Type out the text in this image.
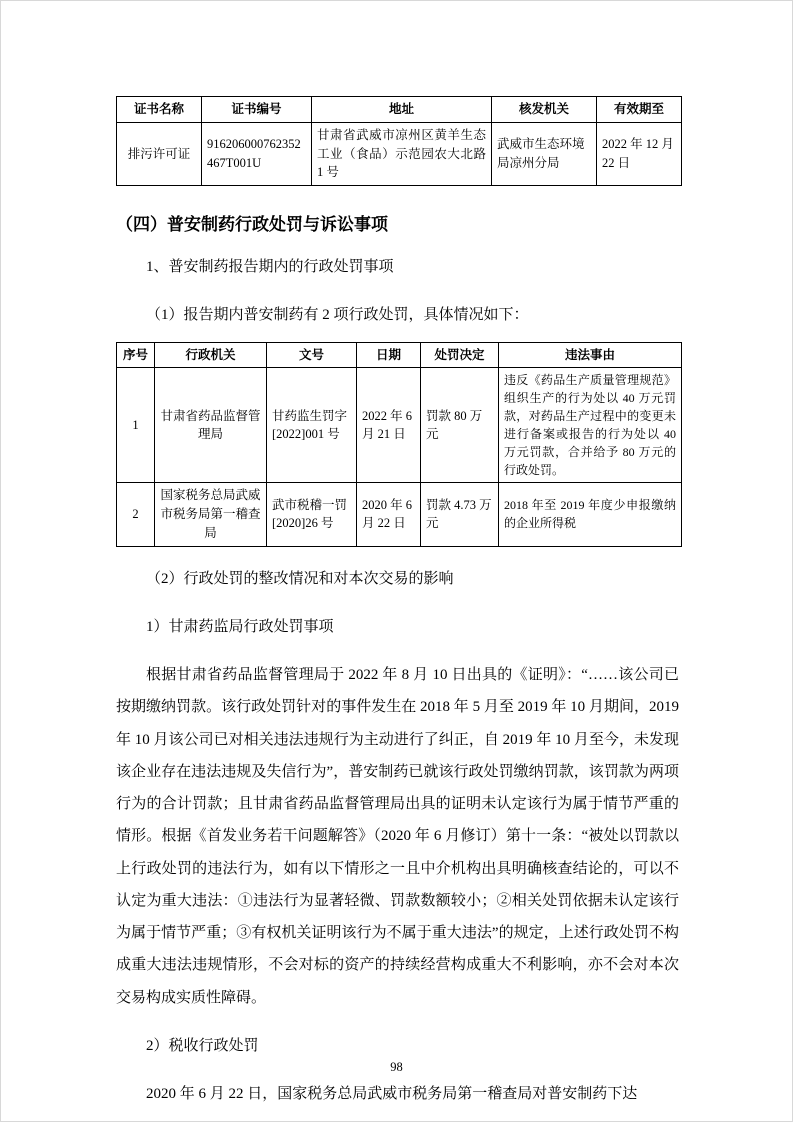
证书名称	证书编号	地址	核发机关	有效期至
排污许可证	916206000762352467T001U	甘肃省武威市凉州区黄羊生态工业（食品）示范园农大北路 1 号	武威市生态环境局凉州分局	2022 年 12 月 22 日
（四）普安制药行政处罚与诉讼事项

1、普安制药报告期内的行政处罚事项

（1）报告期内普安制药有 2 项行政处罚，具体情况如下：

序号	行政机关	文号	日期	处罚决定	违法事由
1	甘肃省药品监督管理局	甘药监生罚字[2022]001 号	2022 年 6 月 21 日	罚款 80 万元	违反《药品生产质量管理规范》组织生产的行为处以 40 万元罚款，对药品生产过程中的变更未进行备案或报告的行为处以 40 万元罚款，合并给予 80 万元的行政处罚。
2	国家税务总局武威市税务局第一稽查局	武市税稽一罚[2020]26 号	2020 年 6 月 22 日	罚款 4.73 万元	2018 年至 2019 年度少申报缴纳的企业所得税

（2）行政处罚的整改情况和对本次交易的影响

1）甘肃药监局行政处罚事项

根据甘肃省药品监督管理局于 2022 年 8 月 10 日出具的《证明》：“……该公司已按期缴纳罚款。该行政处罚针对的事件发生在 2018 年 5 月至 2019 年 10 月期间，2019 年 10 月该公司已对相关违法违规行为主动进行了纠正，自 2019 年 10 月至今，未发现该企业存在违法违规及失信行为”，普安制药已就该行政处罚缴纳罚款，该罚款为两项行为的合计罚款；且甘肃省药品监督管理局出具的证明未认定该行为属于情节严重的情形。根据《首发业务若干问题解答》（2020 年 6 月修订）第十一条：“被处以罚款以上行政处罚的违法行为，如有以下情形之一且中介机构出具明确核查结论的，可以不认定为重大违法：①违法行为显著轻微、罚款数额较小；②相关处罚依据未认定该行为属于情节严重；③有权机关证明该行为不属于重大违法”的规定，上述行政处罚不构成重大违法违规情形，不会对标的资产的持续经营构成重大不利影响，亦不会对本次交易构成实质性障碍。

2）税收行政处罚

2020 年 6 月 22 日，国家税务总局武威市税务局第一稽查局对普安制药下达

98
